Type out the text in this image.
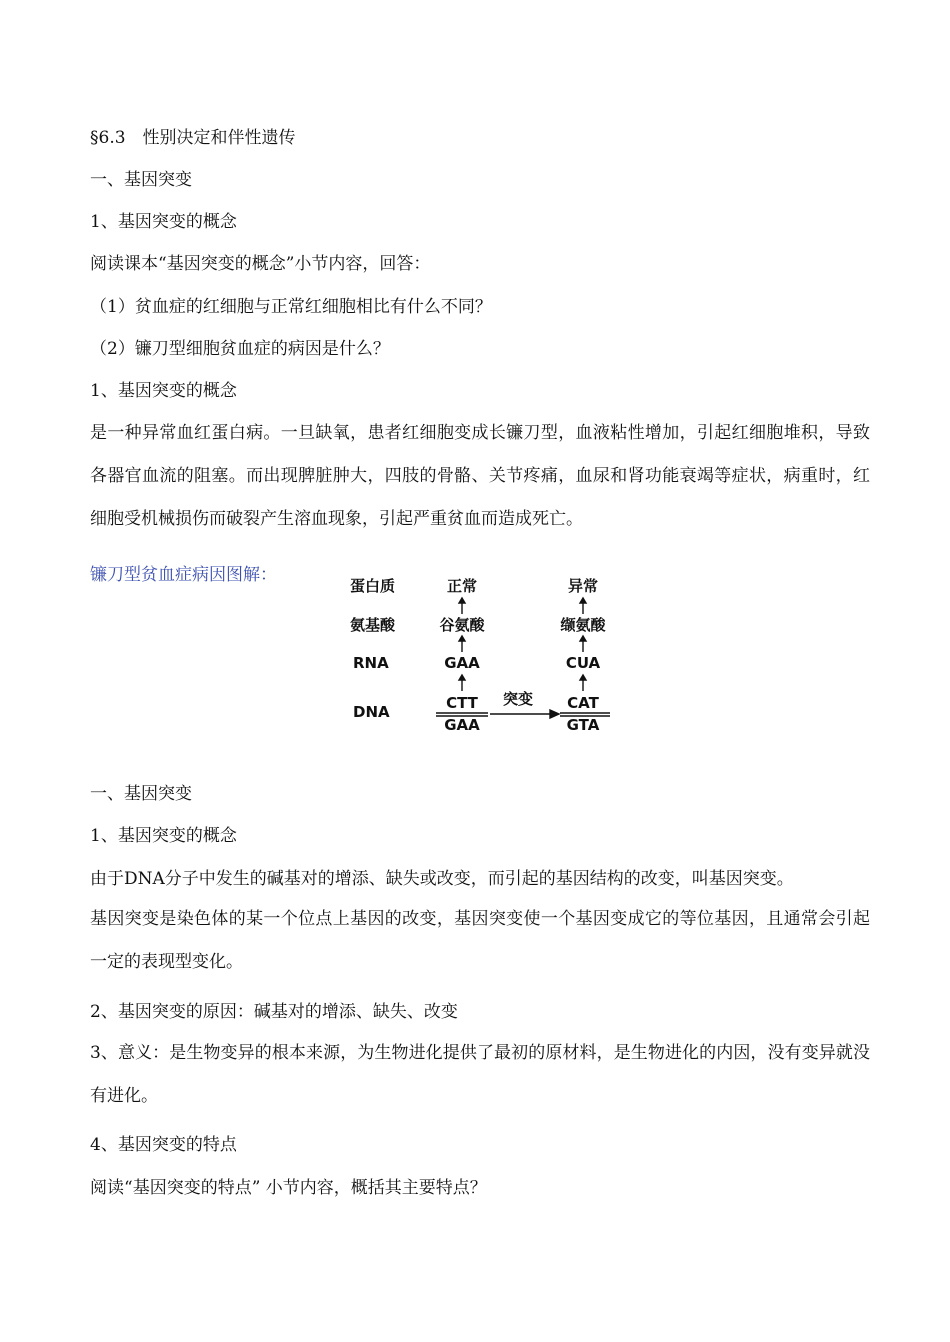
§6.3　性别决定和伴性遗传
一、基因突变
1、基因突变的概念
阅读课本“基因突变的概念”小节内容，回答：
（1）贫血症的红细胞与正常红细胞相比有什么不同？
（2）镰刀型细胞贫血症的病因是什么？
1、基因突变的概念
是一种异常血红蛋白病。一旦缺氧，患者红细胞变成长镰刀型，血液粘性增加，引起红细胞堆积，导致各器官血流的阻塞。而出现脾脏肿大，四肢的骨骼、关节疼痛，血尿和肾功能衰竭等症状，病重时，红细胞受机械损伤而破裂产生溶血现象，引起严重贫血而造成死亡。
镰刀型贫血症病因图解：
蛋白质
氨基酸
RNA
DNA
正常
谷氨酸
GAA
CTT
GAA
异常
缬氨酸
CUA
CAT
GTA
突变
一、基因突变
1、基因突变的概念
由于DNA分子中发生的碱基对的增添、缺失或改变，而引起的基因结构的改变，叫基因突变。
基因突变是染色体的某一个位点上基因的改变，基因突变使一个基因变成它的等位基因，且通常会引起一定的表现型变化。
2、基因突变的原因：碱基对的增添、缺失、改变
3、意义：是生物变异的根本来源，为生物进化提供了最初的原材料，是生物进化的内因，没有变异就没有进化。
4、基因突变的特点
阅读“基因突变的特点” 小节内容，概括其主要特点？
